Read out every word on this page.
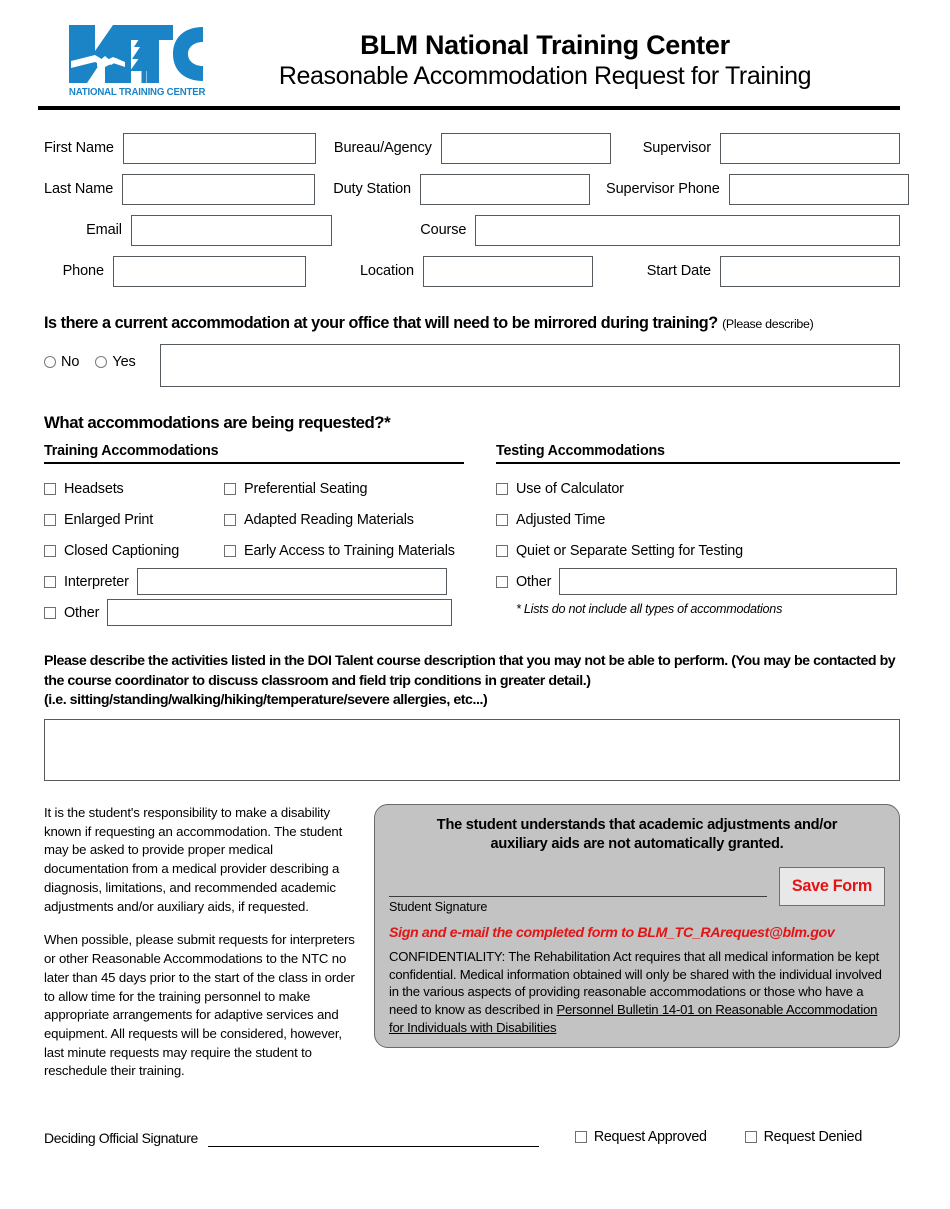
NATIONAL TRAINING CENTER
BLM National Training Center
Reasonable Accommodation Request for Training
First Name	Bureau/Agency	Supervisor
Last Name	Duty Station	Supervisor Phone
Email	Course
Phone	Location	Start Date
Is there a current accommodation at your office that will need to be mirrored during training? (Please describe)
No Yes
What accommodations are being requested?*
Training Accommodations
Headsets	Preferential Seating
Enlarged Print	Adapted Reading Materials
Closed Captioning	Early Access to Training Materials
Interpreter
Other
Testing Accommodations
Use of Calculator
Adjusted Time
Quiet or Separate Setting for Testing
Other
* Lists do not include all types of accommodations
Please describe the activities listed in the DOI Talent course description that you may not be able to perform. (You may be contacted by the course coordinator to discuss classroom and field trip conditions in greater detail.)
(i.e. sitting/standing/walking/hiking/temperature/severe allergies, etc...)

It is the student's responsibility to make a disability known if requesting an accommodation. The student may be asked to provide proper medical documentation from a medical provider describing a diagnosis, limitations, and recommended academic adjustments and/or auxiliary aids, if requested.

When possible, please submit requests for interpreters or other Reasonable Accommodations to the NTC no later than 45 days prior to the start of the class in order to allow time for the training personnel to make appropriate arrangements for adaptive services and equipment. All requests will be considered, however, last minute requests may require the student to reschedule their training.

The student understands that academic adjustments and/or
auxiliary aids are not automatically granted.
Student Signature
Save Form
Sign and e-mail the completed form to BLM_TC_RArequest@blm.gov
CONFIDENTIALITY: The Rehabilitation Act requires that all medical information be kept confidential. Medical information obtained will only be shared with the individual involved in the various aspects of providing reasonable accommodations or those who have a need to know as described in Personnel Bulletin 14-01 on Reasonable Accommodation for Individuals with Disabilities
Deciding Official Signature	Request Approved	Request Denied
